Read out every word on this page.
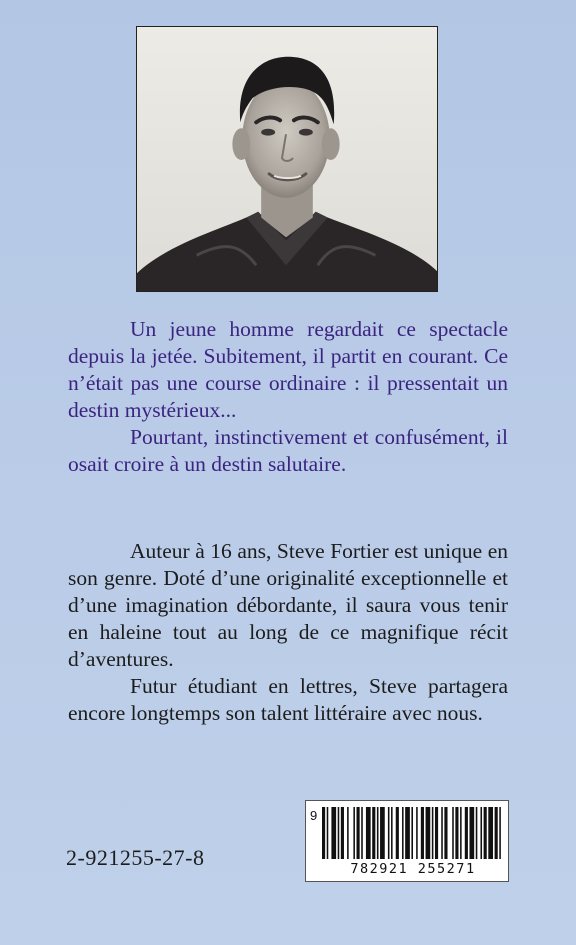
Un jeune homme regardait ce spectacle depuis la jetée. Subitement, il partit en courant. Ce n’était pas une course ordinaire : il pressentait un destin mystérieux...

Pourtant, instinctivement et confusément, il osait croire à un destin salutaire.

Auteur à 16 ans, Steve Fortier est unique en son genre. Doté d’une originalité exceptionnelle et d’une imagination débordante, il saura vous tenir en haleine tout au long de ce magnifique récit d’aventures.

Futur étudiant en lettres, Steve partagera encore longtemps son talent littéraire avec nous.

2-921255-27-8
9
782921 255271
